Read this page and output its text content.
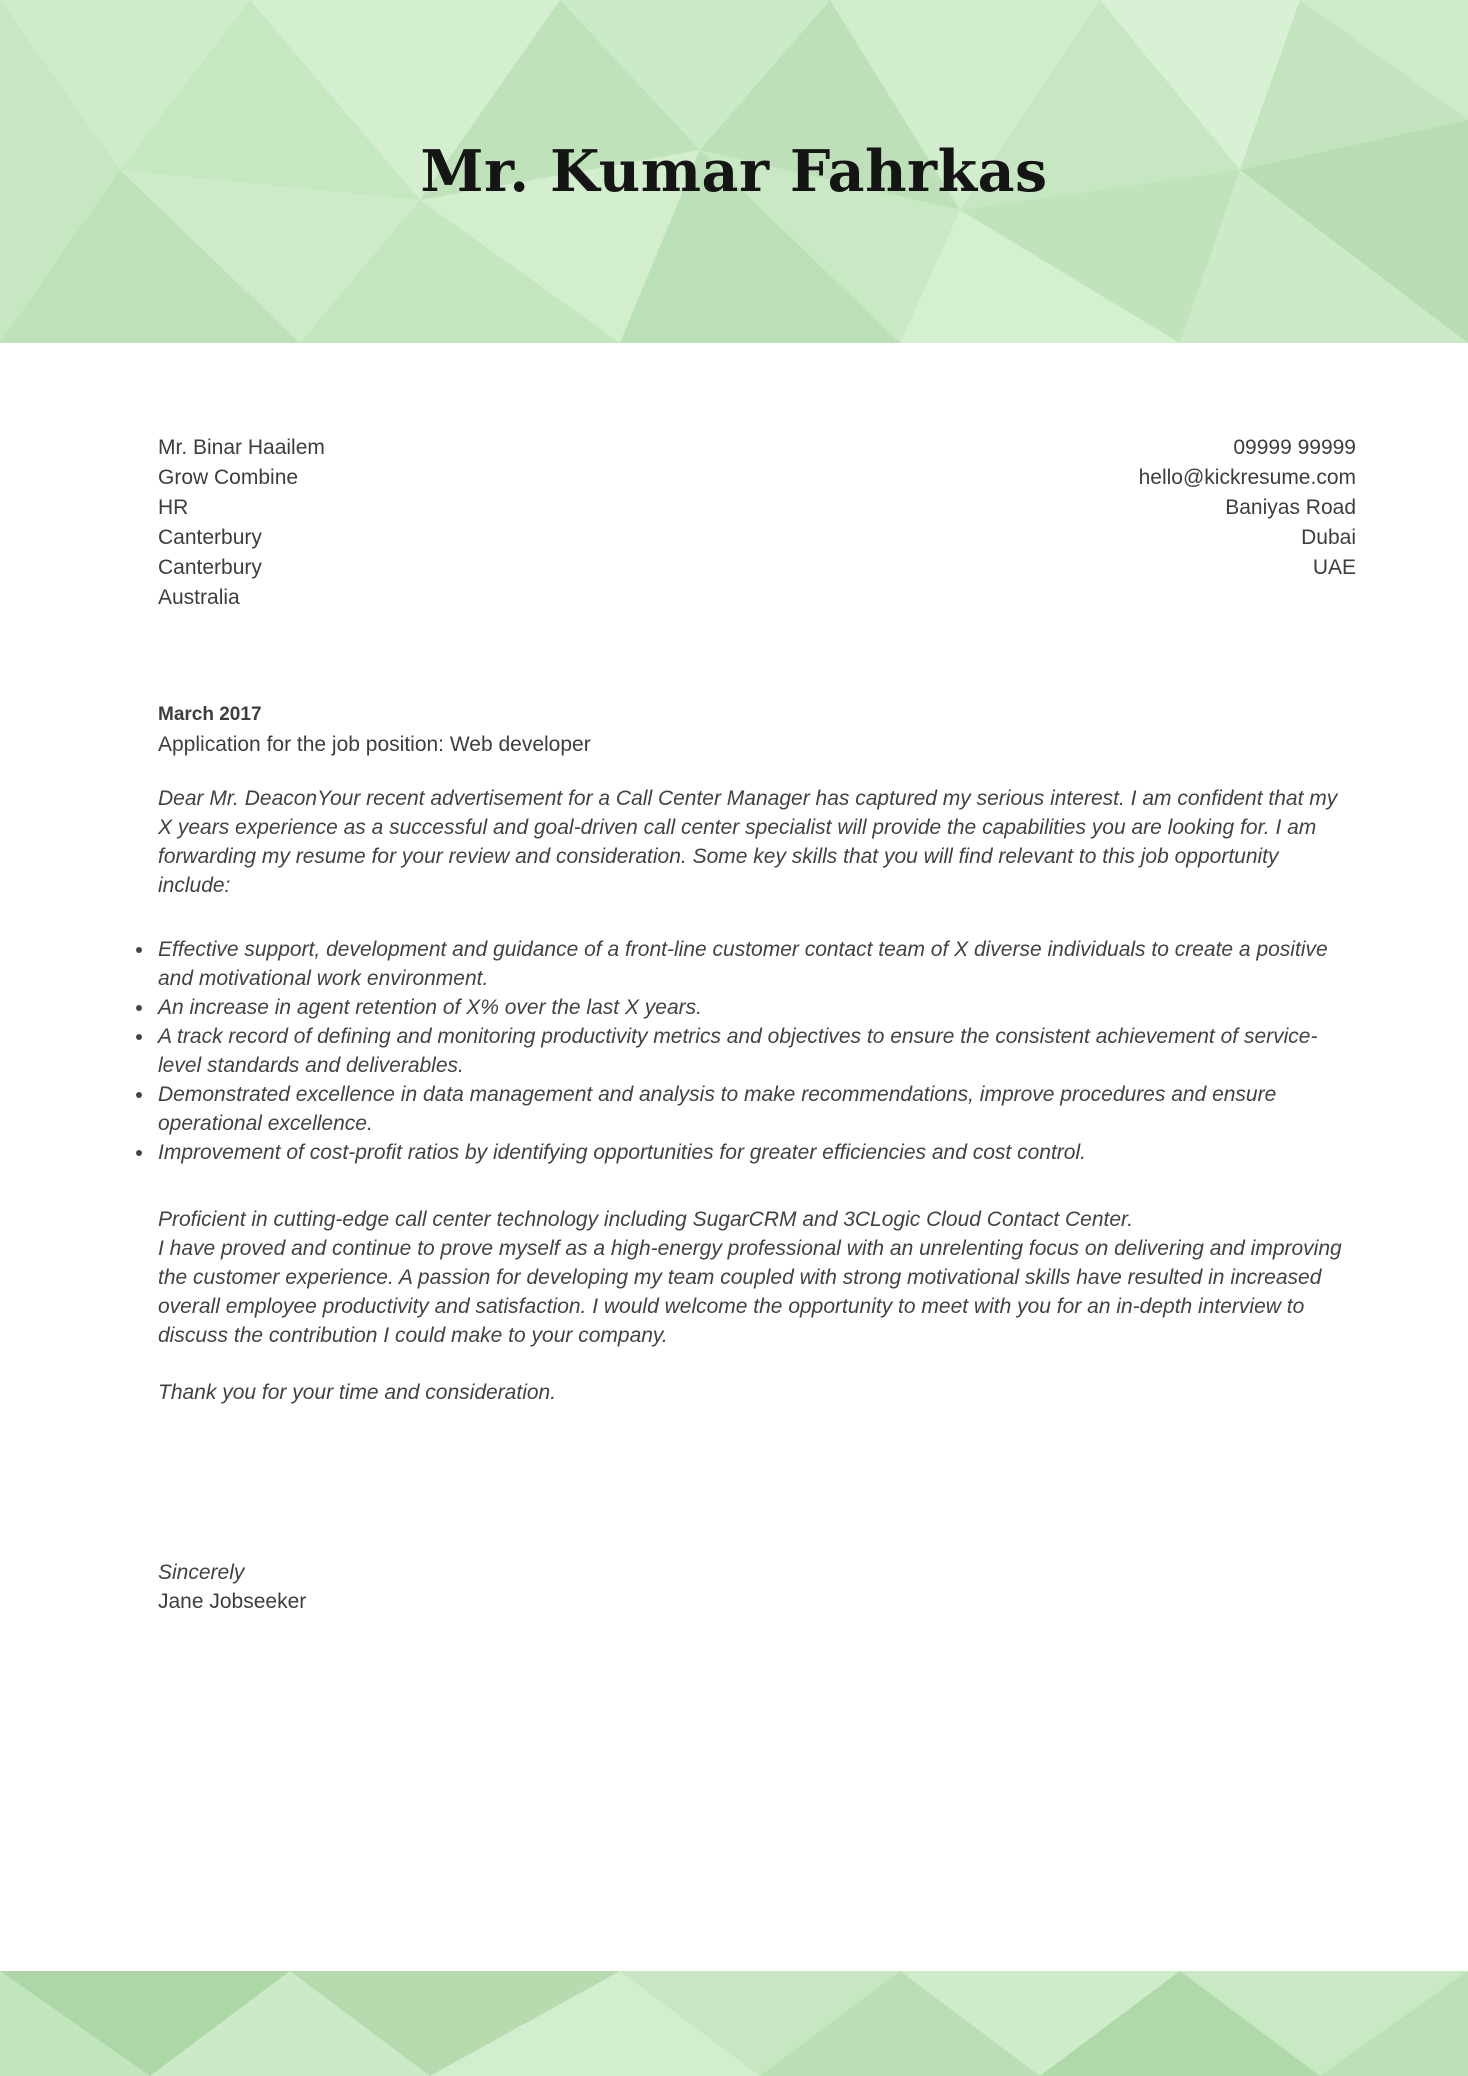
Mr. Kumar Fahrkas
Mr. Binar Haailem
Grow Combine
HR
Canterbury
Canterbury
Australia
09999 99999
hello@kickresume.com
Baniyas Road
Dubai
UAE
March 2017
Application for the job position: Web developer

Dear Mr. DeaconYour recent advertisement for a Call Center Manager has captured my serious interest. I am confident that my X years experience as a successful and goal-driven call center specialist will provide the capabilities you are looking for. I am forwarding my resume for your review and consideration. Some key skills that you will find relevant to this job opportunity include:

Effective support, development and guidance of a front-line customer contact team of X diverse individuals to create a positive and motivational work environment.
An increase in agent retention of X% over the last X years.
A track record of defining and monitoring productivity metrics and objectives to ensure the consistent achievement of service-level standards and deliverables.
Demonstrated excellence in data management and analysis to make recommendations, improve procedures and ensure operational excellence.
Improvement of cost-profit ratios by identifying opportunities for greater efficiencies and cost control.

Proficient in cutting-edge call center technology including SugarCRM and 3CLogic Cloud Contact Center.
I have proved and continue to prove myself as a high-energy professional with an unrelenting focus on delivering and improving the customer experience. A passion for developing my team coupled with strong motivational skills have resulted in increased overall employee productivity and satisfaction. I would welcome the opportunity to meet with you for an in-depth interview to discuss the contribution I could make to your company.

Thank you for your time and consideration.

Sincerely

Jane Jobseeker
